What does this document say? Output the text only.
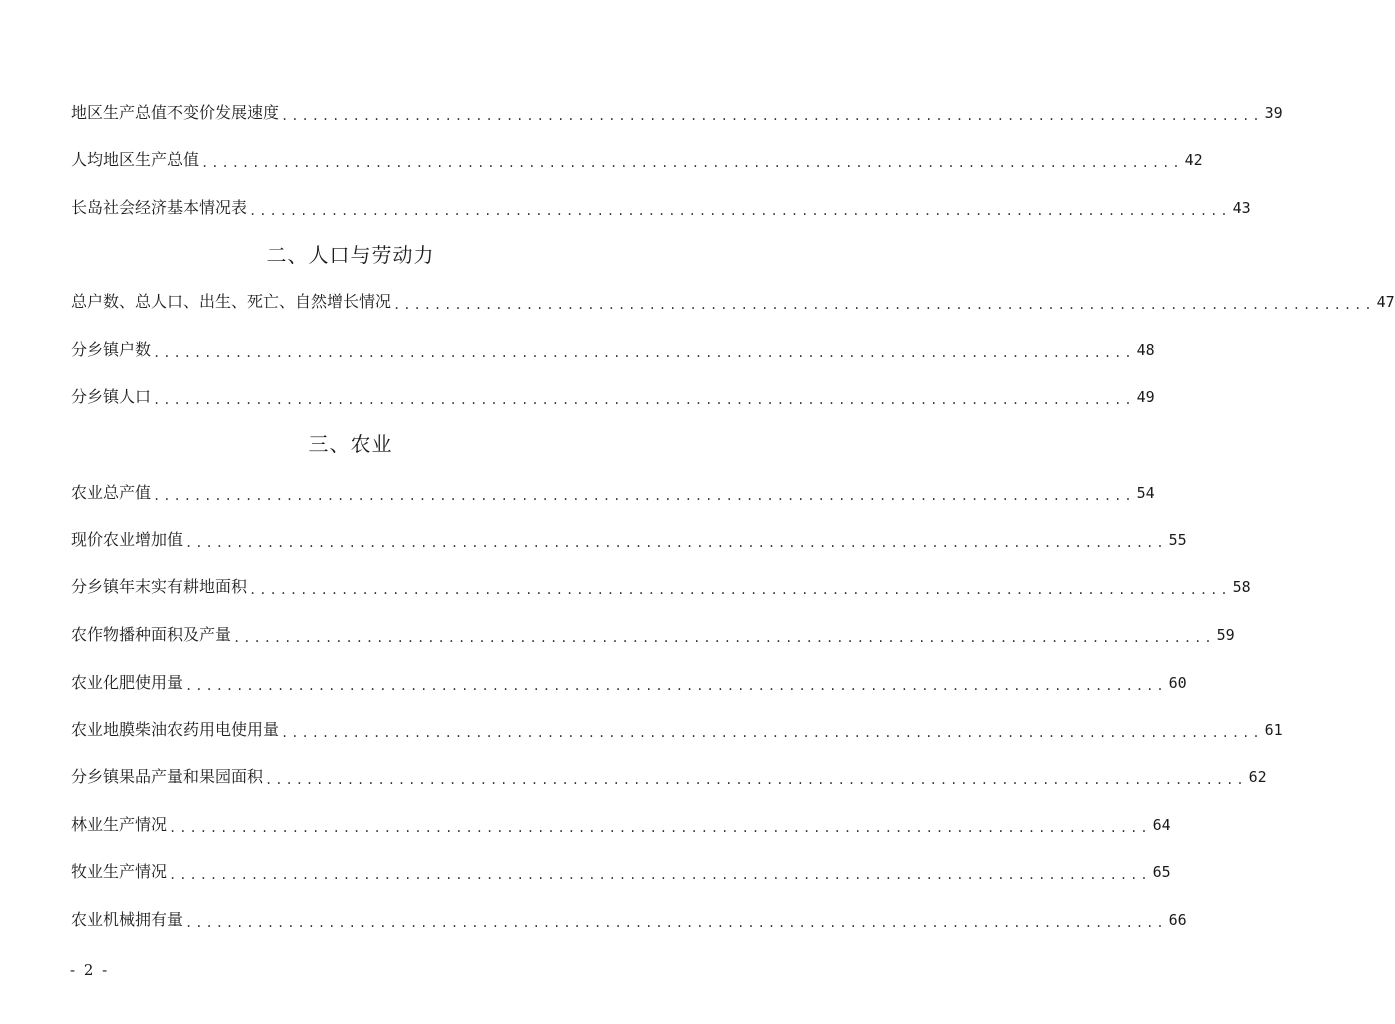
地区生产总值不变价发展速度 ................................................................................................ 39
人均地区生产总值 ................................................................................................ 42
长岛社会经济基本情况表 ................................................................................................ 43
二、人口与劳动力
总户数、总人口、出生、死亡、自然增长情况 ................................................................................................ 47
分乡镇户数 ................................................................................................ 48
分乡镇人口 ................................................................................................ 49
三、农业
农业总产值 ................................................................................................ 54
现价农业增加值 ................................................................................................ 55
分乡镇年末实有耕地面积 ................................................................................................ 58
农作物播种面积及产量 ................................................................................................ 59
农业化肥使用量 ................................................................................................ 60
农业地膜柴油农药用电使用量 ................................................................................................ 61
分乡镇果品产量和果园面积 ................................................................................................ 62
林业生产情况 ................................................................................................ 64
牧业生产情况 ................................................................................................ 65
农业机械拥有量 ................................................................................................ 66
- 2 -
